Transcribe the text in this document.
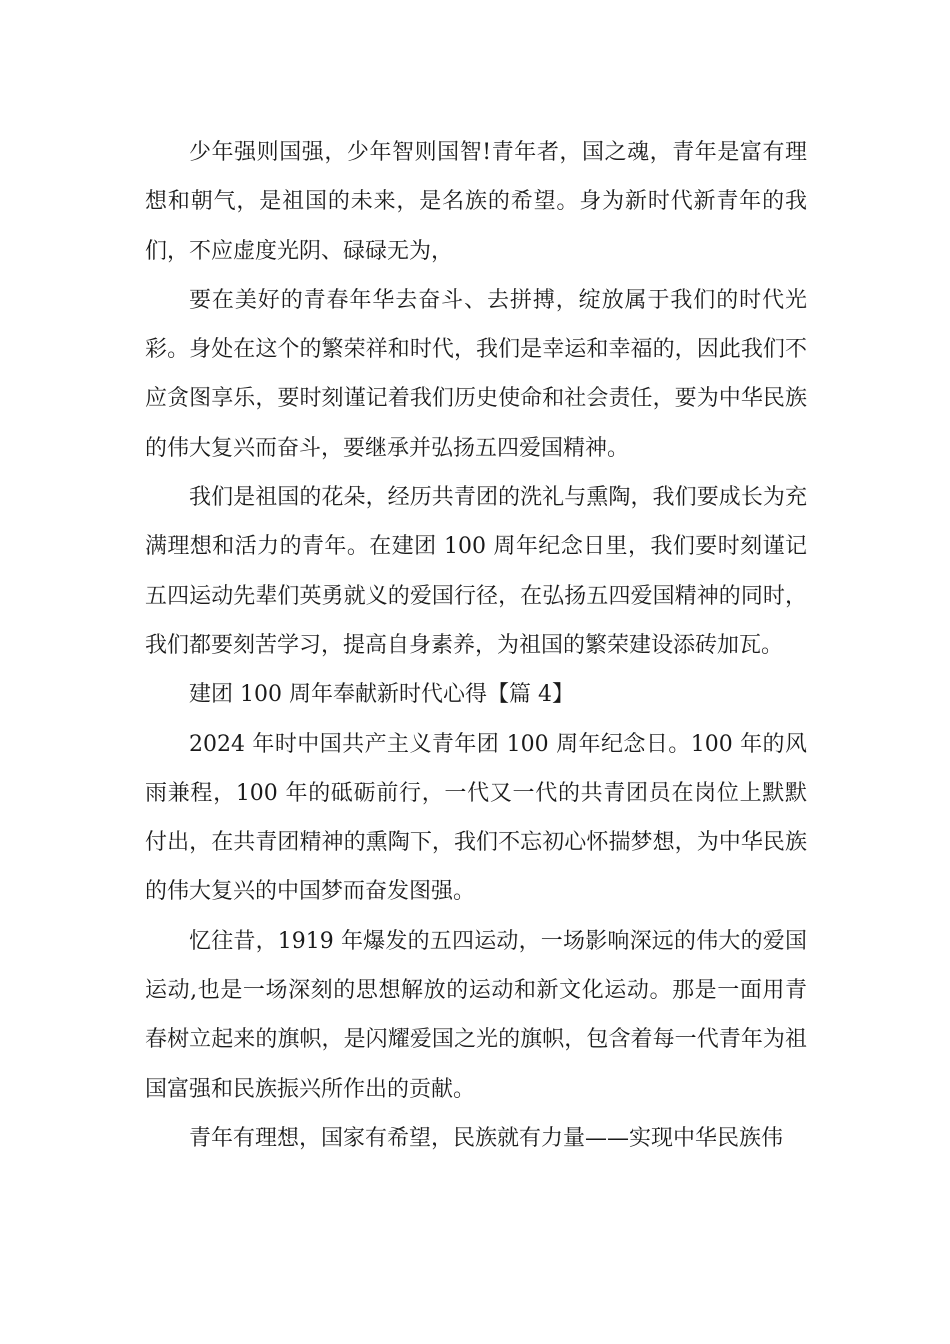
少年强则国强，少年智则国智!青年者，国之魂，青年是富有理想和朝气，是祖国的未来，是名族的希望。身为新时代新青年的我们，不应虚度光阴、碌碌无为，

要在美好的青春年华去奋斗、去拼搏，绽放属于我们的时代光彩。身处在这个的繁荣祥和时代，我们是幸运和幸福的，因此我们不应贪图享乐，要时刻谨记着我们历史使命和社会责任，要为中华民族的伟大复兴而奋斗，要继承并弘扬五四爱国精神。

我们是祖国的花朵，经历共青团的洗礼与熏陶，我们要成长为充满理想和活力的青年。在建团 100 周年纪念日里，我们要时刻谨记五四运动先辈们英勇就义的爱国行径，在弘扬五四爱国精神的同时，我们都要刻苦学习，提高自身素养，为祖国的繁荣建设添砖加瓦。

建团 100 周年奉献新时代心得【篇 4】

2024 年时中国共产主义青年团 100 周年纪念日。100 年的风雨兼程，100 年的砥砺前行，一代又一代的共青团员在岗位上默默付出，在共青团精神的熏陶下，我们不忘初心怀揣梦想，为中华民族的伟大复兴的中国梦而奋发图强。

忆往昔，1919 年爆发的五四运动，一场影响深远的伟大的爱国运动,也是一场深刻的思想解放的运动和新文化运动。那是一面用青春树立起来的旗帜，是闪耀爱国之光的旗帜，包含着每一代青年为祖国富强和民族振兴所作出的贡献。

青年有理想，国家有希望，民族就有力量——实现中华民族伟
